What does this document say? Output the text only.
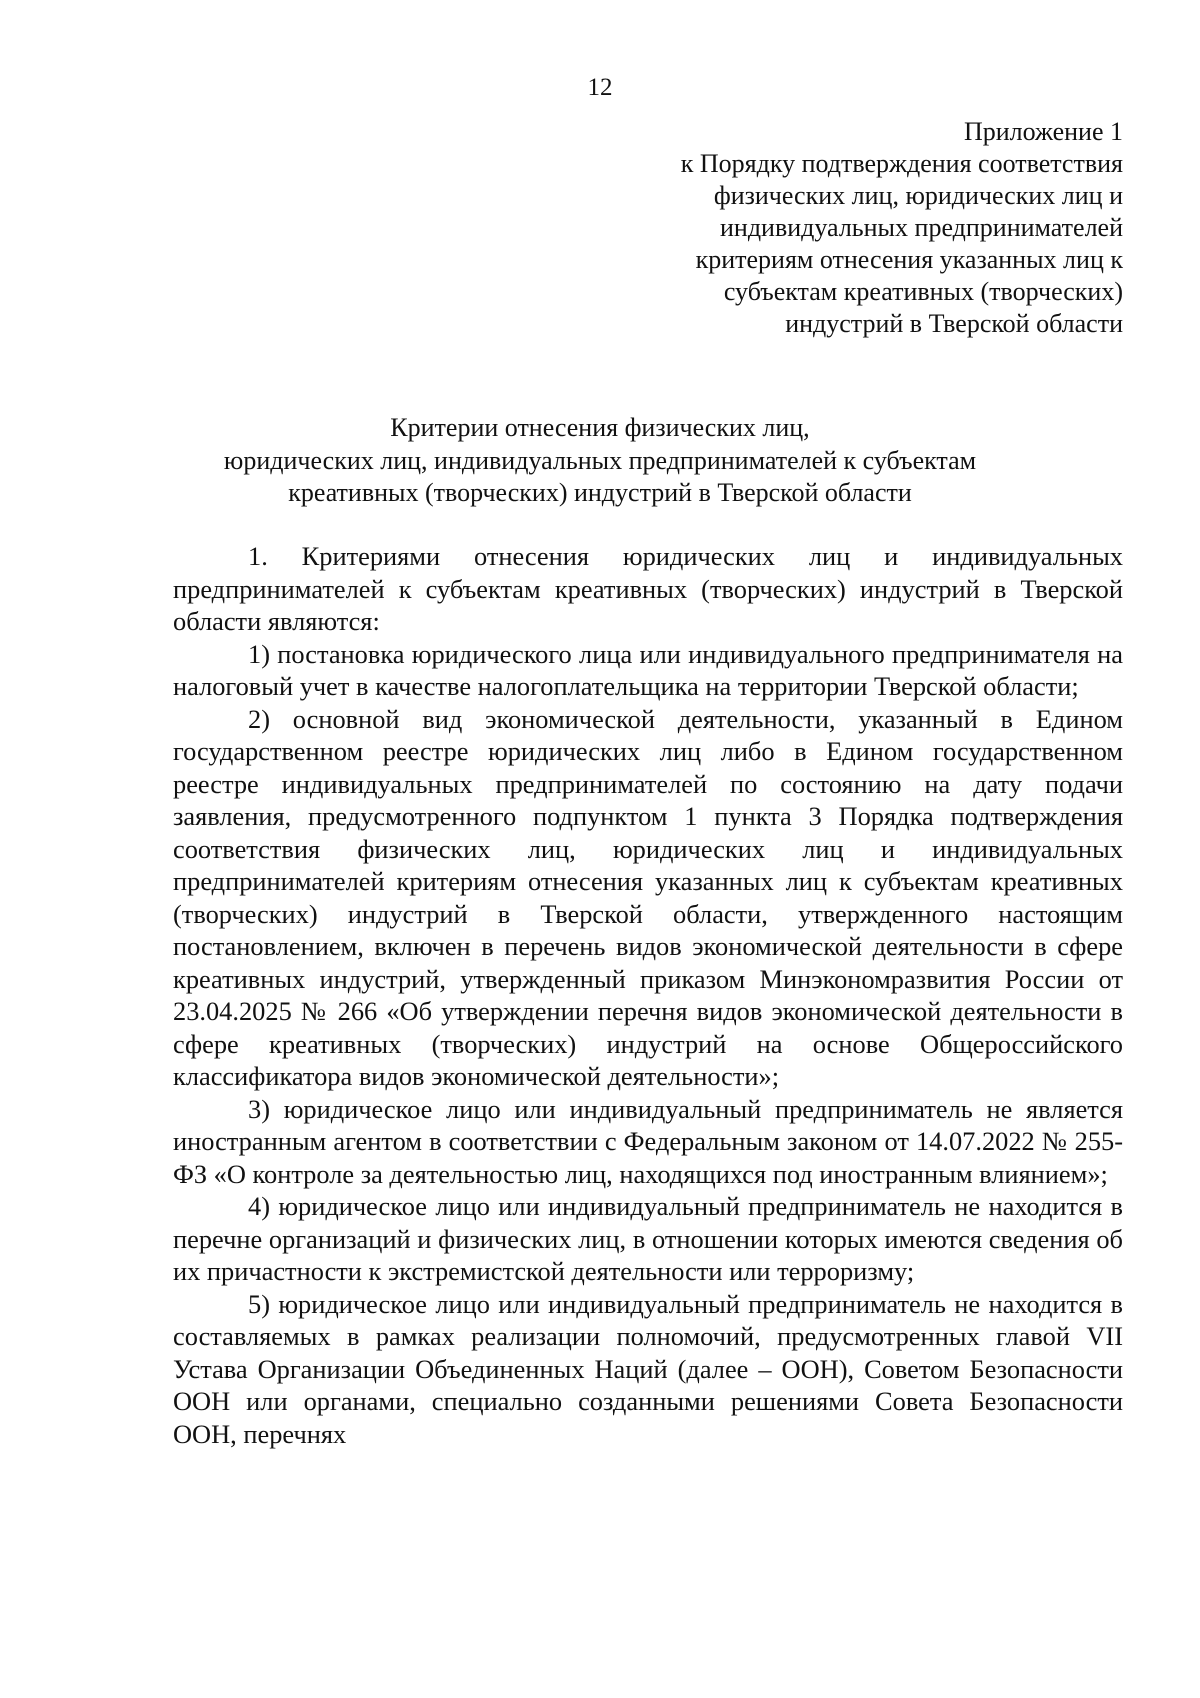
12
Приложение 1
к Порядку подтверждения соответствия
физических лиц, юридических лиц и
индивидуальных предпринимателей
критериям отнесения указанных лиц к
субъектам креативных (творческих)
индустрий в Тверской области
Критерии отнесения физических лиц,
юридических лиц, индивидуальных предпринимателей к субъектам
креативных (творческих) индустрий в Тверской области

1. Критериями отнесения юридических лиц и индивидуальных предпринимателей к субъектам креативных (творческих) индустрий в Тверской области являются:

1) постановка юридического лица или индивидуального предпринимателя на налоговый учет в качестве налогоплательщика на территории Тверской области;

2) основной вид экономической деятельности, указанный в Едином государственном реестре юридических лиц либо в Едином государственном реестре индивидуальных предпринимателей по состоянию на дату подачи заявления, предусмотренного подпунктом 1 пункта 3 Порядка подтверждения соответствия физических лиц, юридических лиц и индивидуальных предпринимателей критериям отнесения указанных лиц к субъектам креативных (творческих) индустрий в Тверской области, утвержденного настоящим постановлением, включен в перечень видов экономической деятельности в сфере креативных индустрий, утвержденный приказом Минэкономразвития России от 23.04.2025 № 266 «Об утверждении перечня видов экономической деятельности в сфере креативных (творческих) индустрий на основе Общероссийского классификатора видов экономической деятельности»;

3) юридическое лицо или индивидуальный предприниматель не является иностранным агентом в соответствии с Федеральным законом от 14.07.2022 № 255-ФЗ «О контроле за деятельностью лиц, находящихся под иностранным влиянием»;

4) юридическое лицо или индивидуальный предприниматель не находится в перечне организаций и физических лиц, в отношении которых имеются сведения об их причастности к экстремистской деятельности или терроризму;

5) юридическое лицо или индивидуальный предприниматель не находится в составляемых в рамках реализации полномочий, предусмотренных главой VII Устава Организации Объединенных Наций (далее – ООН), Советом Безопасности ООН или органами, специально созданными решениями Совета Безопасности ООН, перечнях
